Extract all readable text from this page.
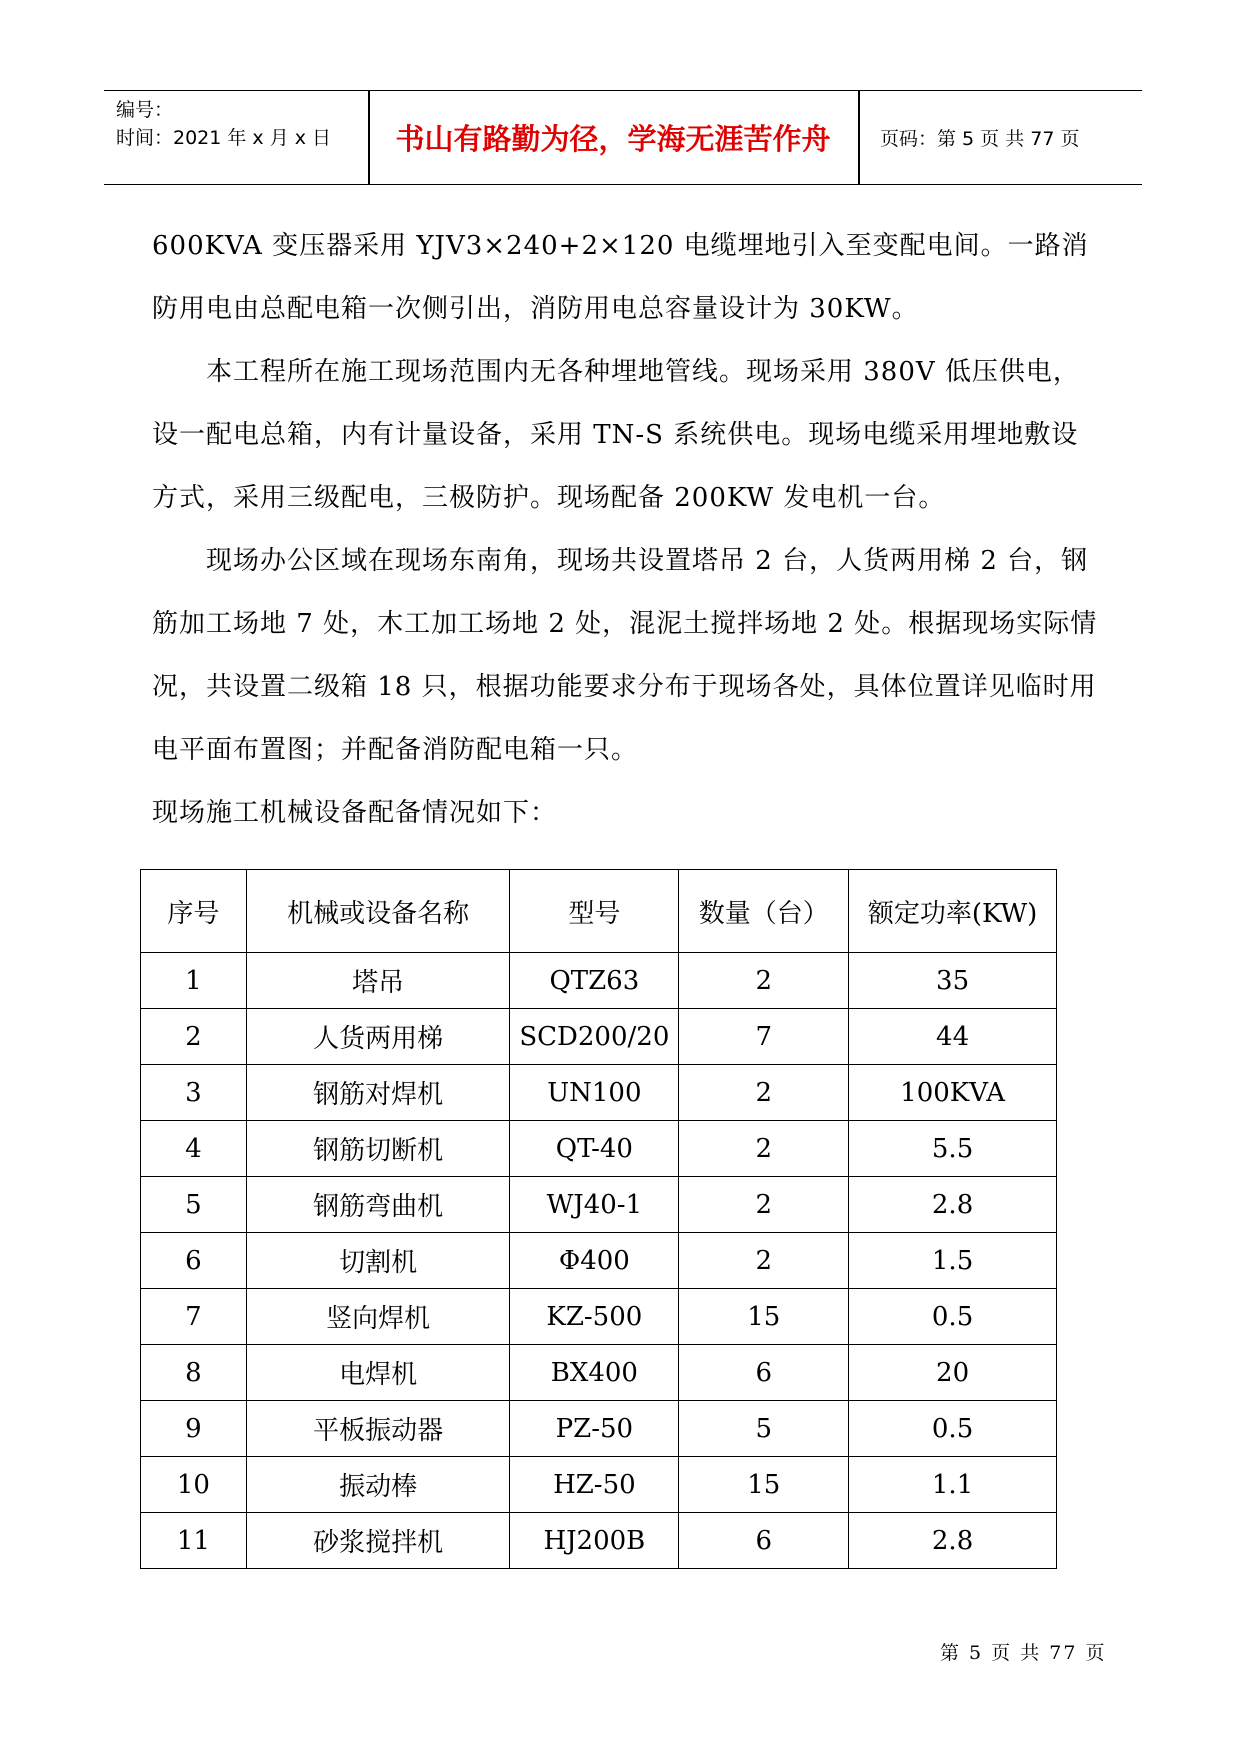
编号：
时间：2021 年 x 月 x 日	书山有路勤为径，学海无涯苦作舟	页码：第 5 页 共 77 页

600KVA 变压器采用 YJV3×240+2×120 电缆埋地引入至变配电间。一路消防用电由总配电箱一次侧引出，消防用电总容量设计为 30KW。

本工程所在施工现场范围内无各种埋地管线。现场采用 380V 低压供电，设一配电总箱，内有计量设备，采用 TN-S 系统供电。现场电缆采用埋地敷设方式，采用三级配电，三极防护。现场配备 200KW 发电机一台。

现场办公区域在现场东南角，现场共设置塔吊 2 台，人货两用梯 2 台，钢筋加工场地 7 处，木工加工场地 2 处，混泥土搅拌场地 2 处。根据现场实际情况，共设置二级箱 18 只，根据功能要求分布于现场各处，具体位置详见临时用电平面布置图；并配备消防配电箱一只。

现场施工机械设备配备情况如下：

序号	机械或设备名称	型号	数量（台）	额定功率(KW)
1	塔吊	QTZ63	2	35
2	人货两用梯	SCD200/20	7	44
3	钢筋对焊机	UN100	2	100KVA
4	钢筋切断机	QT-40	2	5.5
5	钢筋弯曲机	WJ40-1	2	2.8
6	切割机	Φ400	2	1.5
7	竖向焊机	KZ-500	15	0.5
8	电焊机	BX400	6	20
9	平板振动器	PZ-50	5	0.5
10	振动棒	HZ-50	15	1.1
11	砂浆搅拌机	HJ200B	6	2.8
第 5 页 共 77 页
